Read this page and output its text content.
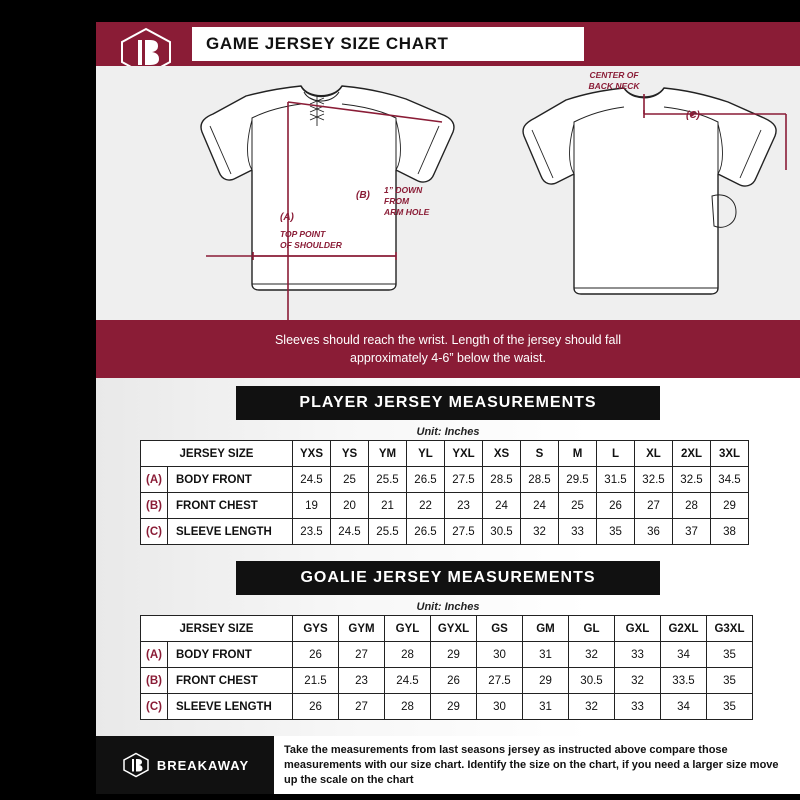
GAME JERSEY SIZE CHART
CENTER OF
BACK NECK
(C)
(B)
(A)
1” DOWN
FROM
ARM HOLE
TOP POINT
OF SHOULDER

Sleeves should reach the wrist. Length of the jersey should fall
approximately 4-6” below the waist.

PLAYER JERSEY MEASUREMENTS
Unit: Inches
JERSEY SIZE		YXS	YS	YM	YL	YXL	XS	S	M	L	XL	2XL	3XL
(A)	BODY FRONT	24.5	25	25.5	26.5	27.5	28.5	28.5	29.5	31.5	32.5	32.5	34.5
(B)	FRONT CHEST	19	20	21	22	23	24	24	25	26	27	28	29
(C)	SLEEVE LENGTH	23.5	24.5	25.5	26.5	27.5	30.5	32	33	35	36	37	38
GOALIE JERSEY MEASUREMENTS
Unit: Inches
JERSEY SIZE		GYS	GYM	GYL	GYXL	GS	GM	GL	GXL	G2XL	G3XL
(A)	BODY FRONT	26	27	28	29	30	31	32	33	34	35
(B)	FRONT CHEST	21.5	23	24.5	26	27.5	29	30.5	32	33.5	35
(C)	SLEEVE LENGTH	26	27	28	29	30	31	32	33	34	35
BREAKAWAY

Take the measurements from last seasons jersey as instructed above compare those measurements with our size chart. Identify the size on the chart, if you need a larger size move up the scale on the chart
